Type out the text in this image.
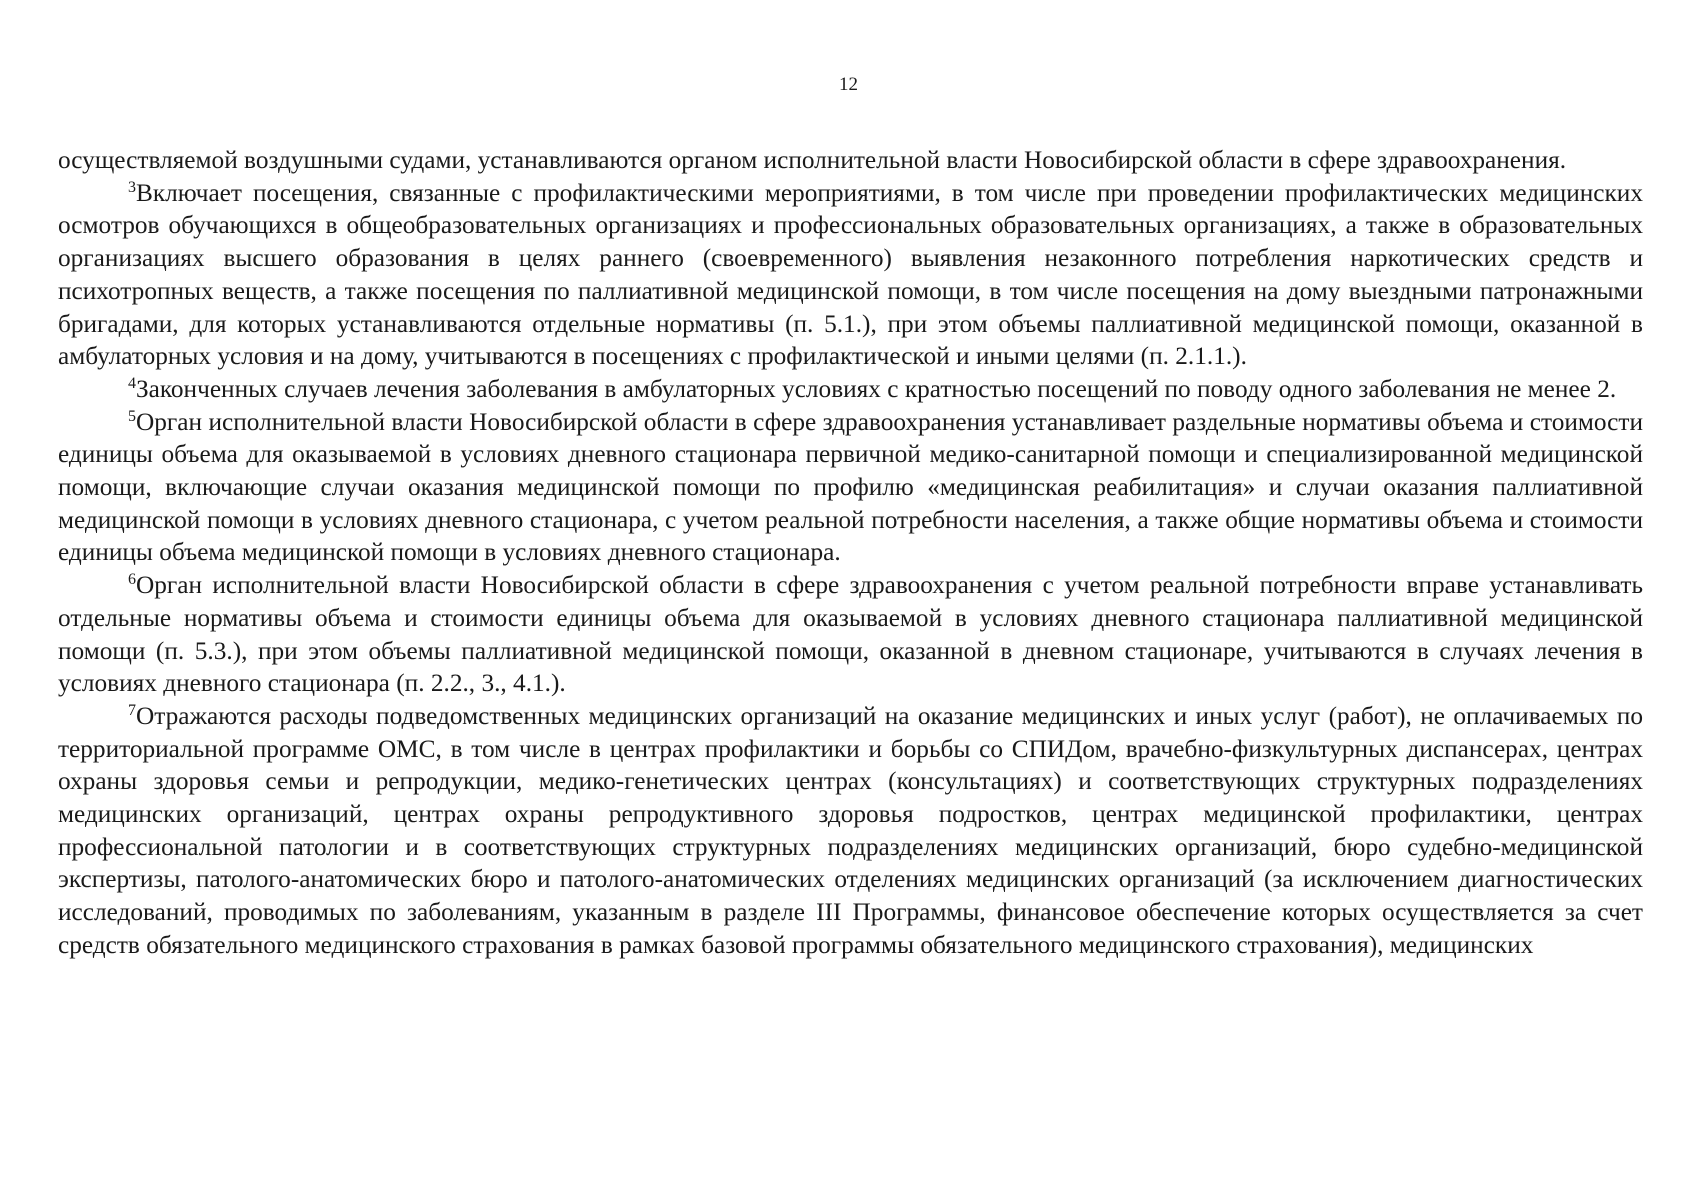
12

осуществляемой воздушными судами, устанавливаются органом исполнительной власти Новосибирской области в сфере здравоохранения.

$^3$Включает посещения, связанные с профилактическими мероприятиями, в том числе при проведении профилактических медицинских осмотров обучающихся в общеобразовательных организациях и профессиональных образовательных организациях, а также в образовательных организациях высшего образования в целях раннего (своевременного) выявления незаконного потребления наркотических средств и психотропных веществ, а также посещения по паллиативной медицинской помощи, в том числе посещения на дому выездными патронажными бригадами, для которых устанавливаются отдельные нормативы (п. 5.1.), при этом объемы паллиативной медицинской помощи, оказанной в амбулаторных условия и на дому, учитываются в посещениях с профилактической и иными целями (п. 2.1.1.).

$^4$Законченных случаев лечения заболевания в амбулаторных условиях с кратностью посещений по поводу одного заболевания не менее 2.

$^5$Орган исполнительной власти Новосибирской области в сфере здравоохранения устанавливает раздельные нормативы объема и стоимости единицы объема для оказываемой в условиях дневного стационара первичной медико-санитарной помощи и специализированной медицинской помощи, включающие случаи оказания медицинской помощи по профилю «медицинская реабилитация» и случаи оказания паллиативной медицинской помощи в условиях дневного стационара, с учетом реальной потребности населения, а также общие нормативы объема и стоимости единицы объема медицинской помощи в условиях дневного стационара.

$^6$Орган исполнительной власти Новосибирской области в сфере здравоохранения с учетом реальной потребности вправе устанавливать отдельные нормативы объема и стоимости единицы объема для оказываемой в условиях дневного стационара паллиативной медицинской помощи (п. 5.3.), при этом объемы паллиативной медицинской помощи, оказанной в дневном стационаре, учитываются в случаях лечения в условиях дневного стационара (п. 2.2., 3., 4.1.).

$^7$Отражаются расходы подведомственных медицинских организаций на оказание медицинских и иных услуг (работ), не оплачиваемых по территориальной программе ОМС, в том числе в центрах профилактики и борьбы со СПИДом, врачебно-физкультурных диспансерах, центрах охраны здоровья семьи и репродукции, медико-генетических центрах (консультациях) и соответствующих структурных подразделениях медицинских организаций, центрах охраны репродуктивного здоровья подростков, центрах медицинской профилактики, центрах профессиональной патологии и в соответствующих структурных подразделениях медицинских организаций, бюро судебно-медицинской экспертизы, патолого-анатомических бюро и патолого-анатомических отделениях медицинских организаций (за исключением диагностических исследований, проводимых по заболеваниям, указанным в разделе III Программы, финансовое обеспечение которых осуществляется за счет средств обязательного медицинского страхования в рамках базовой программы обязательного медицинского страхования), медицинских
